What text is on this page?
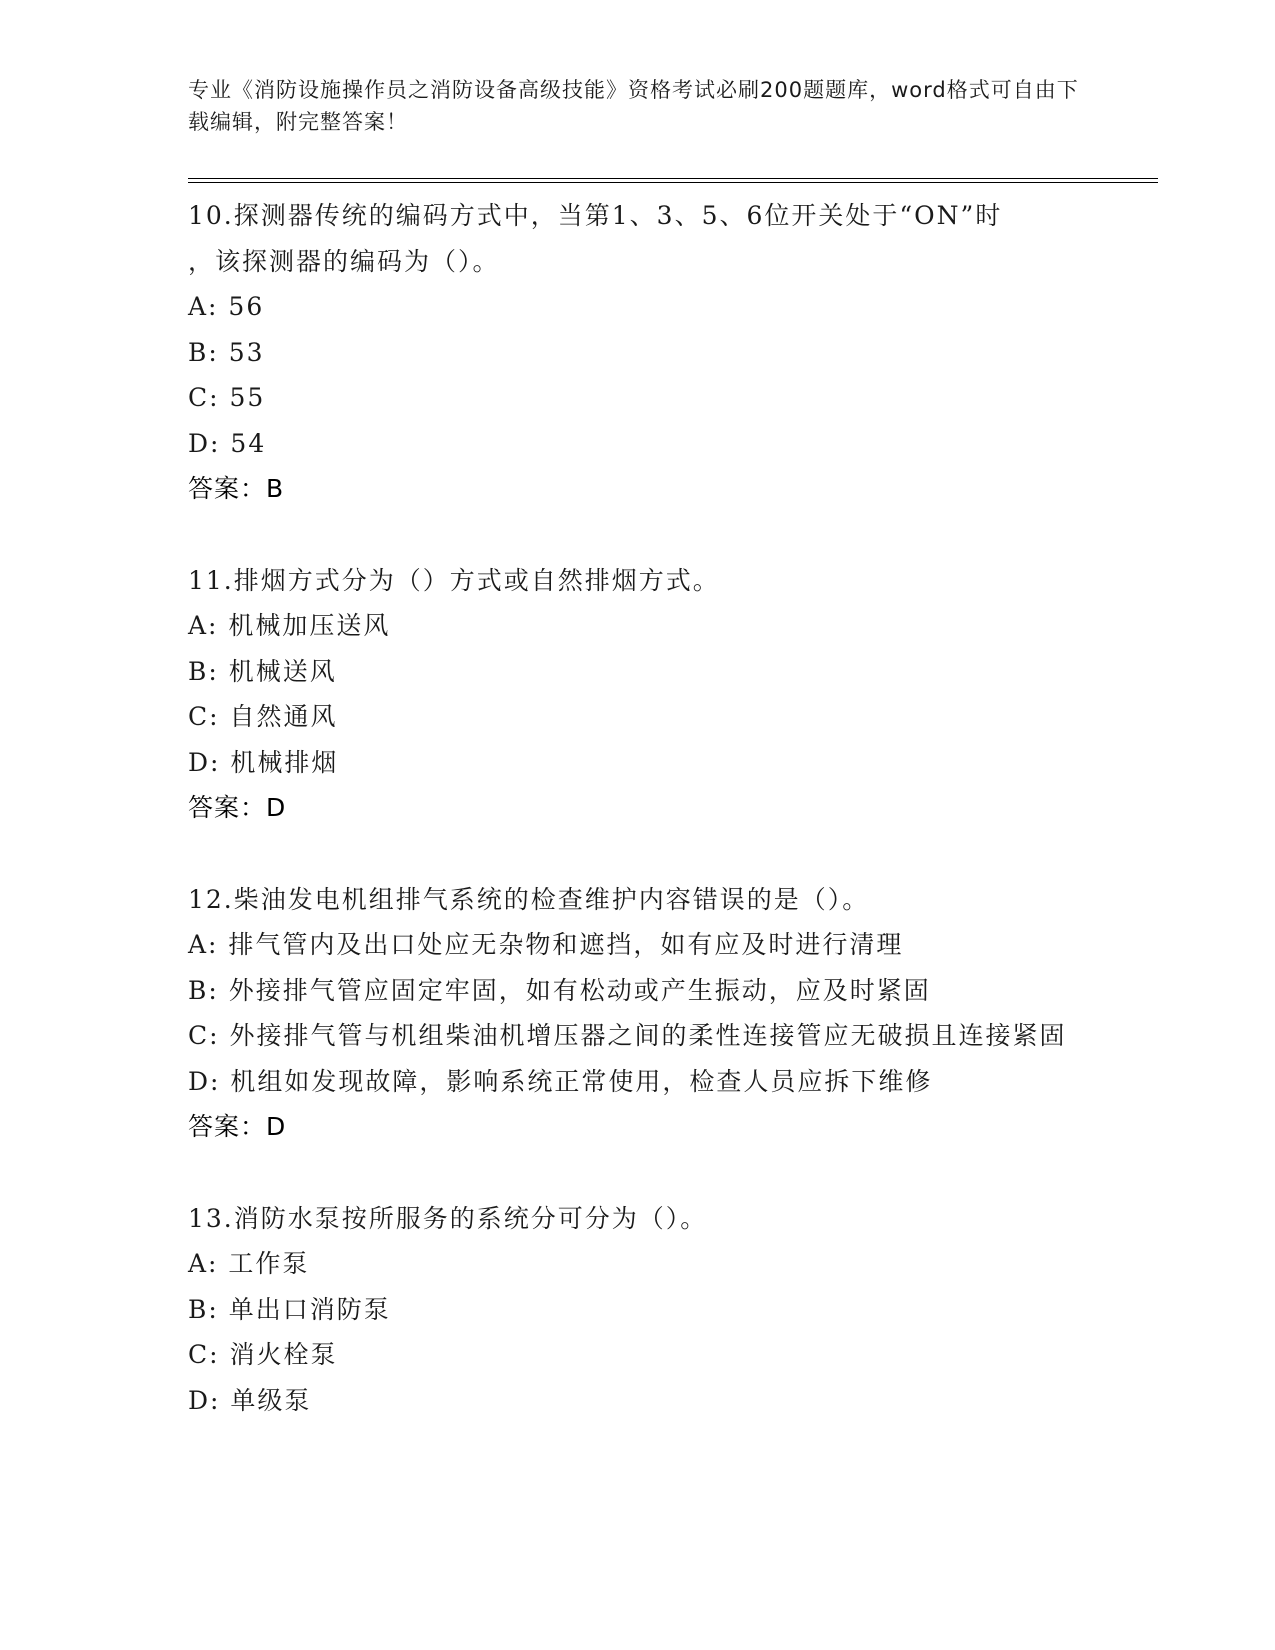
专业《消防设施操作员之消防设备高级技能》资格考试必刷200题题库，word格式可自由下载编辑，附完整答案！
10.探测器传统的编码方式中，当第1、3、5、6位开关处于“ON”时
，该探测器的编码为（）。
A: 56
B: 53
C: 55
D: 54
答案：B
11.排烟方式分为（）方式或自然排烟方式。
A: 机械加压送风
B: 机械送风
C: 自然通风
D: 机械排烟
答案：D
12.柴油发电机组排气系统的检查维护内容错误的是（）。
A: 排气管内及出口处应无杂物和遮挡，如有应及时进行清理
B: 外接排气管应固定牢固，如有松动或产生振动，应及时紧固
C: 外接排气管与机组柴油机增压器之间的柔性连接管应无破损且连接紧固
D: 机组如发现故障，影响系统正常使用，检查人员应拆下维修
答案：D
13.消防水泵按所服务的系统分可分为（）。
A: 工作泵
B: 单出口消防泵
C: 消火栓泵
D: 单级泵
